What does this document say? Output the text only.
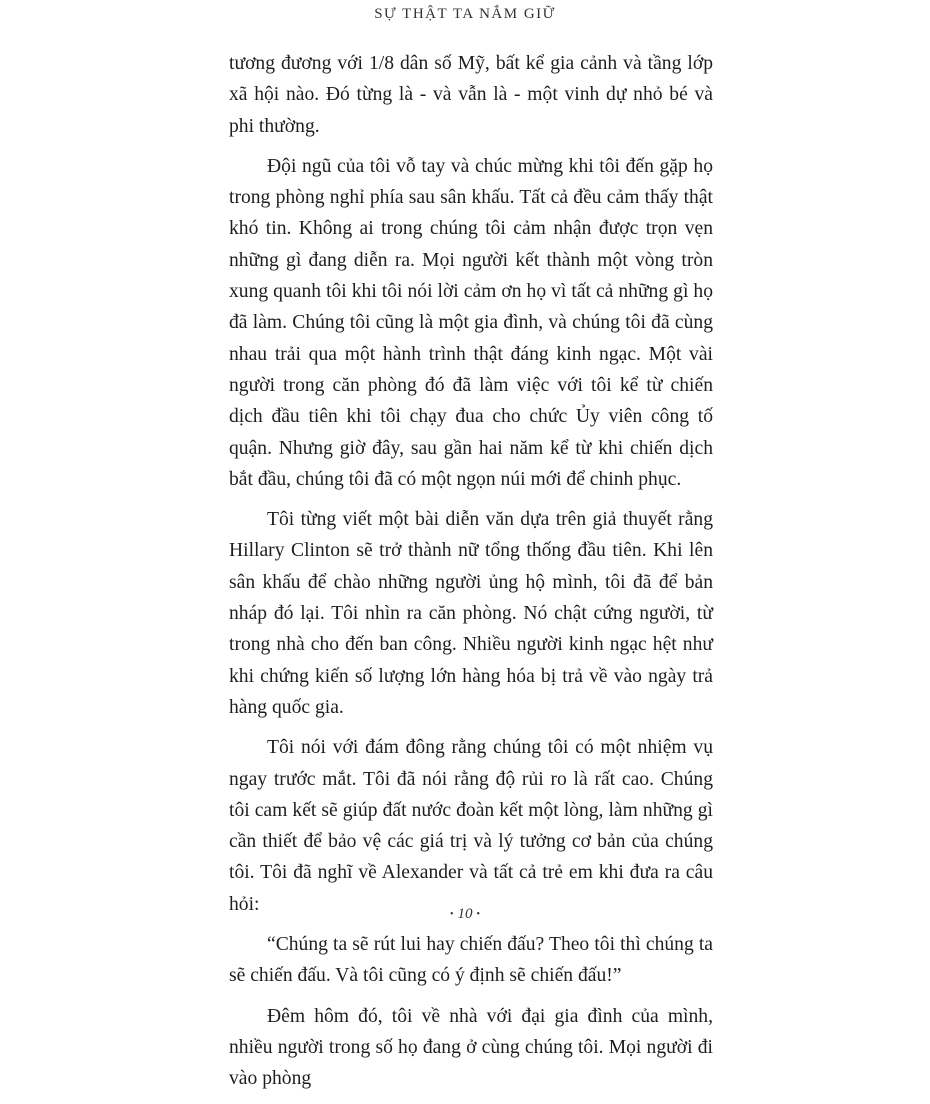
SỰ THẬT TA NẮM GIỮ

tương đương với 1/8 dân số Mỹ, bất kể gia cảnh và tầng lớp xã hội nào. Đó từng là - và vẫn là - một vinh dự nhỏ bé và phi thường.

Đội ngũ của tôi vỗ tay và chúc mừng khi tôi đến gặp họ trong phòng nghỉ phía sau sân khấu. Tất cả đều cảm thấy thật khó tin. Không ai trong chúng tôi cảm nhận được trọn vẹn những gì đang diễn ra. Mọi người kết thành một vòng tròn xung quanh tôi khi tôi nói lời cảm ơn họ vì tất cả những gì họ đã làm. Chúng tôi cũng là một gia đình, và chúng tôi đã cùng nhau trải qua một hành trình thật đáng kinh ngạc. Một vài người trong căn phòng đó đã làm việc với tôi kể từ chiến dịch đầu tiên khi tôi chạy đua cho chức Ủy viên công tố quận. Nhưng giờ đây, sau gần hai năm kể từ khi chiến dịch bắt đầu, chúng tôi đã có một ngọn núi mới để chinh phục.

Tôi từng viết một bài diễn văn dựa trên giả thuyết rằng Hillary Clinton sẽ trở thành nữ tổng thống đầu tiên. Khi lên sân khấu để chào những người ủng hộ mình, tôi đã để bản nháp đó lại. Tôi nhìn ra căn phòng. Nó chật cứng người, từ trong nhà cho đến ban công. Nhiều người kinh ngạc hệt như khi chứng kiến số lượng lớn hàng hóa bị trả về vào ngày trả hàng quốc gia.

Tôi nói với đám đông rằng chúng tôi có một nhiệm vụ ngay trước mắt. Tôi đã nói rằng độ rủi ro là rất cao. Chúng tôi cam kết sẽ giúp đất nước đoàn kết một lòng, làm những gì cần thiết để bảo vệ các giá trị và lý tưởng cơ bản của chúng tôi. Tôi đã nghĩ về Alexander và tất cả trẻ em khi đưa ra câu hỏi:

“Chúng ta sẽ rút lui hay chiến đấu? Theo tôi thì chúng ta sẽ chiến đấu. Và tôi cũng có ý định sẽ chiến đấu!”

Đêm hôm đó, tôi về nhà với đại gia đình của mình, nhiều người trong số họ đang ở cùng chúng tôi. Mọi người đi vào phòng

• 10 •
